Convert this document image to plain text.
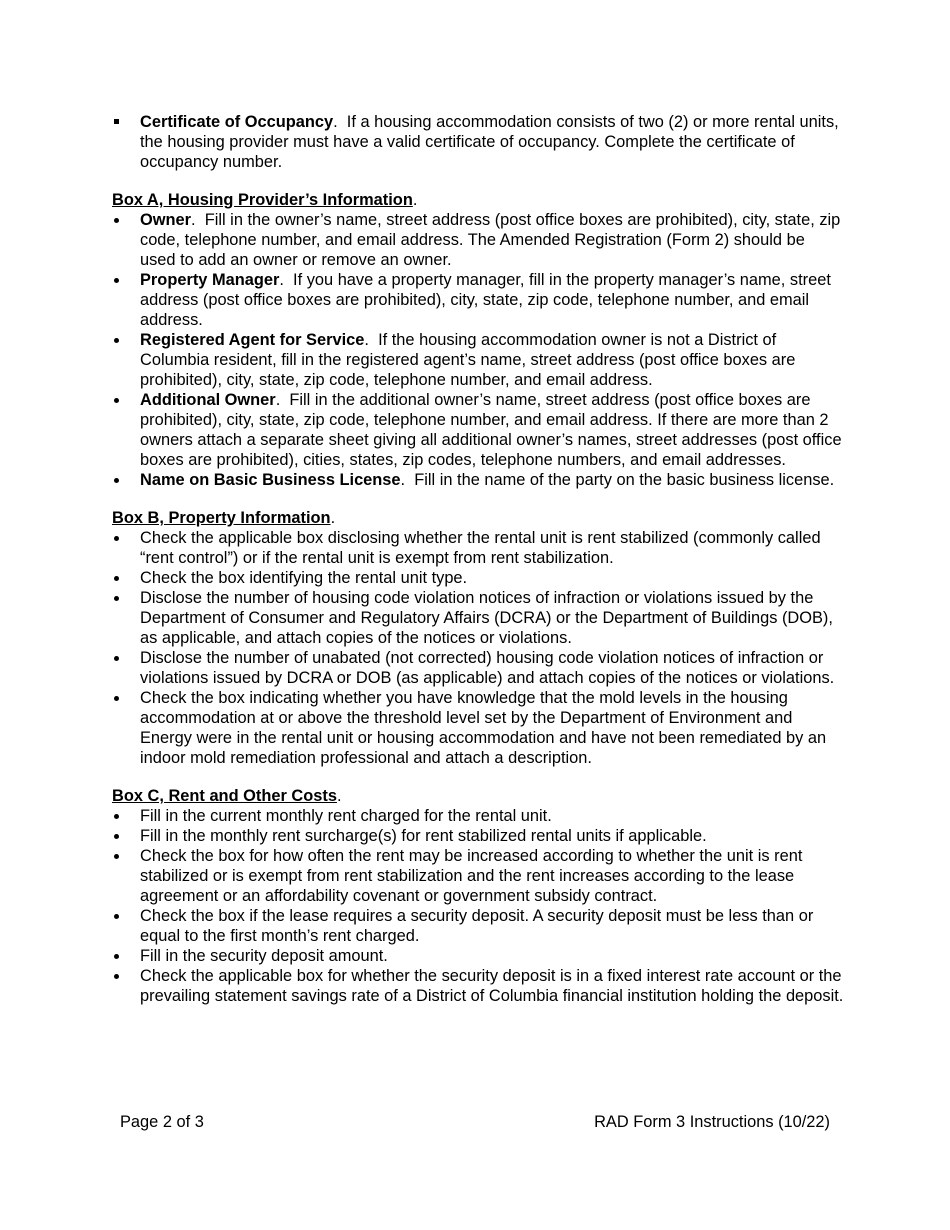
Certificate of Occupancy.  If a housing accommodation consists of two (2) or more rental units, the housing provider must have a valid certificate of occupancy. Complete the certificate of occupancy number.
Box A, Housing Provider’s Information.
Owner.  Fill in the owner’s name, street address (post office boxes are prohibited), city, state, zip code, telephone number, and email address. The Amended Registration (Form 2) should be used to add an owner or remove an owner.
Property Manager.  If you have a property manager, fill in the property manager’s name, street address (post office boxes are prohibited), city, state, zip code, telephone number, and email address.
Registered Agent for Service.  If the housing accommodation owner is not a District of Columbia resident, fill in the registered agent’s name, street address (post office boxes are prohibited), city, state, zip code, telephone number, and email address.
Additional Owner.  Fill in the additional owner’s name, street address (post office boxes are prohibited), city, state, zip code, telephone number, and email address. If there are more than 2 owners attach a separate sheet giving all additional owner’s names, street addresses (post office boxes are prohibited), cities, states, zip codes, telephone numbers, and email addresses.
Name on Basic Business License.  Fill in the name of the party on the basic business license.
Box B, Property Information.
Check the applicable box disclosing whether the rental unit is rent stabilized (commonly called “rent control”) or if the rental unit is exempt from rent stabilization.
Check the box identifying the rental unit type.
Disclose the number of housing code violation notices of infraction or violations issued by the Department of Consumer and Regulatory Affairs (DCRA) or the Department of Buildings (DOB), as applicable, and attach copies of the notices or violations.
Disclose the number of unabated (not corrected) housing code violation notices of infraction or violations issued by DCRA or DOB (as applicable) and attach copies of the notices or violations.
Check the box indicating whether you have knowledge that the mold levels in the housing accommodation at or above the threshold level set by the Department of Environment and Energy were in the rental unit or housing accommodation and have not been remediated by an indoor mold remediation professional and attach a description.
Box C, Rent and Other Costs.
Fill in the current monthly rent charged for the rental unit.
Fill in the monthly rent surcharge(s) for rent stabilized rental units if applicable.
Check the box for how often the rent may be increased according to whether the unit is rent stabilized or is exempt from rent stabilization and the rent increases according to the lease agreement or an affordability covenant or government subsidy contract.
Check the box if the lease requires a security deposit. A security deposit must be less than or equal to the first month’s rent charged.
Fill in the security deposit amount.
Check the applicable box for whether the security deposit is in a fixed interest rate account or the prevailing statement savings rate of a District of Columbia financial institution holding the deposit.
Page 2 of 3	RAD Form 3 Instructions (10/22)
